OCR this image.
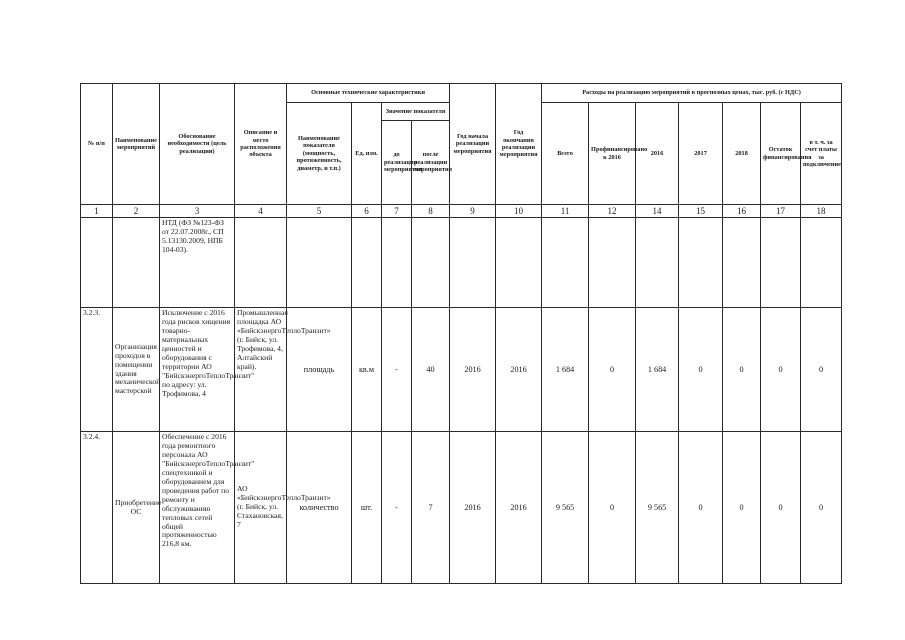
№ п/п	Наименование мероприятий	Обоснование необходимости (цель реализации)	Описание и место расположения объекта	Основные технические характеристики				Год начала реализации мероприятия	Год окончания реализации мероприятия	Расходы на реализацию мероприятий в прогнозных ценах, тыс. руб. (с НДС)						
				Наименование показателя (мощность, протяженность, диаметр, и т.п.)	Ед. изм.	Значение показателя				Всего	Профинансировано к 2016	2016	2017	2018	Остаток финансирования	в т. ч. за счет платы за подключение
						до реализации мероприятия	после реализации мероприятия									
1	2	3	4	5	6	7	8	9	10	11	12	14	15	16	17	18
		НТД (ФЗ №123-ФЗ от 22.07.2008г., СП 5.13130.2009, НПБ 104-03).														
3.2.3.	Организация проходов в помещении здания механической мастерской	Исключение с 2016 года рисков хищения товарно-материальных ценностей и оборудования с территории АО "БийскэнергоТеплоТранзит" по адресу: ул. Трофимова, 4	Промышленная площадка АО «БийскэнергоТеплоТранзит» (г. Бийск, ул. Трофимова, 4, Алтайский край).	площадь	кв.м	-	40	2016	2016	1 684	0	1 684	0	0	0	0
3.2.4.	Приобретение ОС	Обеспечение с 2016 года ремонтного персонала АО "БийскэнергоТеплоТранзит" спецтехникой и оборудованием для проведения работ по ремонту и обслуживанию тепловых сетей общей протяженностью 216,8 км.	АО «БийскэнергоТеплоТранзит» (г. Бийск, ул. Стахановская, 7	количество	шт.	-	7	2016	2016	9 565	0	9 565	0	0	0	0
